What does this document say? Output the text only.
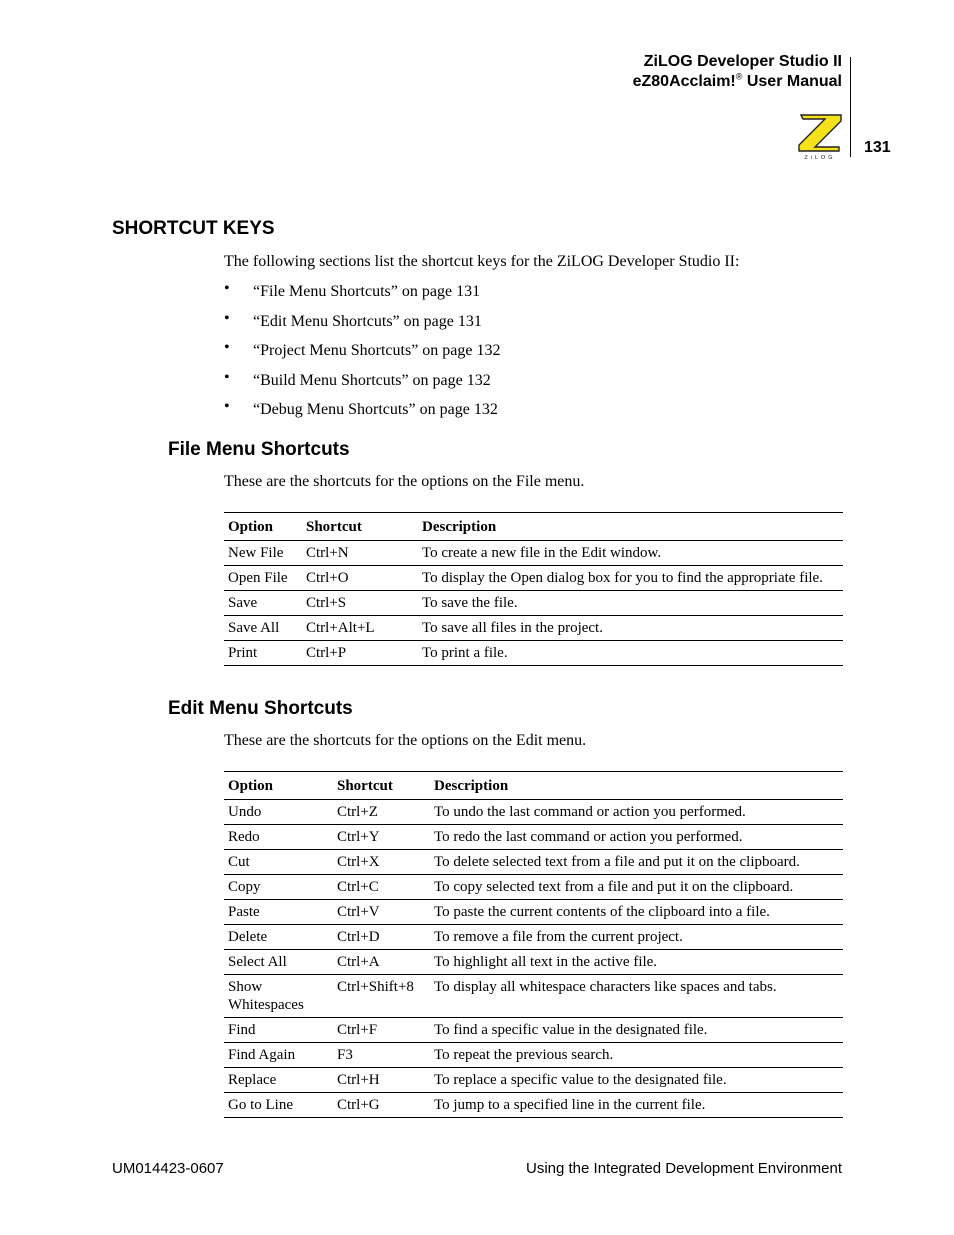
ZiLOG Developer Studio II
eZ80Acclaim!® User Manual
ZiLOG
131
SHORTCUT KEYS
The following sections list the shortcut keys for the ZiLOG Developer Studio II:
• “File Menu Shortcuts” on page 131
• “Edit Menu Shortcuts” on page 131
• “Project Menu Shortcuts” on page 132
• “Build Menu Shortcuts” on page 132
• “Debug Menu Shortcuts” on page 132
File Menu Shortcuts
These are the shortcuts for the options on the File menu.
Option	Shortcut	Description
New File	Ctrl+N	To create a new file in the Edit window.
Open File	Ctrl+O	To display the Open dialog box for you to find the appropriate file.
Save	Ctrl+S	To save the file.
Save All	Ctrl+Alt+L	To save all files in the project.
Print	Ctrl+P	To print a file.
Edit Menu Shortcuts
These are the shortcuts for the options on the Edit menu.
Option	Shortcut	Description
Undo	Ctrl+Z	To undo the last command or action you performed.
Redo	Ctrl+Y	To redo the last command or action you performed.
Cut	Ctrl+X	To delete selected text from a file and put it on the clipboard.
Copy	Ctrl+C	To copy selected text from a file and put it on the clipboard.
Paste	Ctrl+V	To paste the current contents of the clipboard into a file.
Delete	Ctrl+D	To remove a file from the current project.
Select All	Ctrl+A	To highlight all text in the active file.
Show Whitespaces	Ctrl+Shift+8	To display all whitespace characters like spaces and tabs.
Find	Ctrl+F	To find a specific value in the designated file.
Find Again	F3	To repeat the previous search.
Replace	Ctrl+H	To replace a specific value to the designated file.
Go to Line	Ctrl+G	To jump to a specified line in the current file.
UM014423-0607	Using the Integrated Development Environment
